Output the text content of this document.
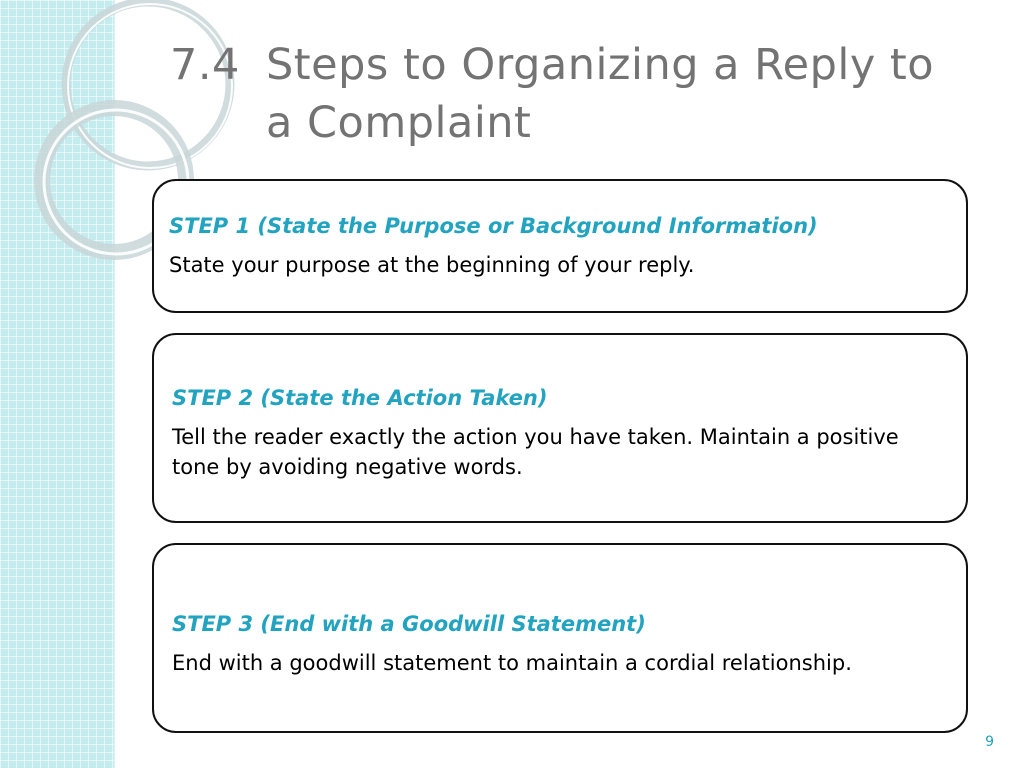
7.4 Steps to Organizing a Reply to
a Complaint

STEP 1 (State the Purpose or Background Information)

State your purpose at the beginning of your reply.

STEP 2 (State the Action Taken)

Tell the reader exactly the action you have taken. Maintain a positive tone by avoiding negative words.

STEP 3 (End with a Goodwill Statement)

End with a goodwill statement to maintain a cordial relationship.

9
